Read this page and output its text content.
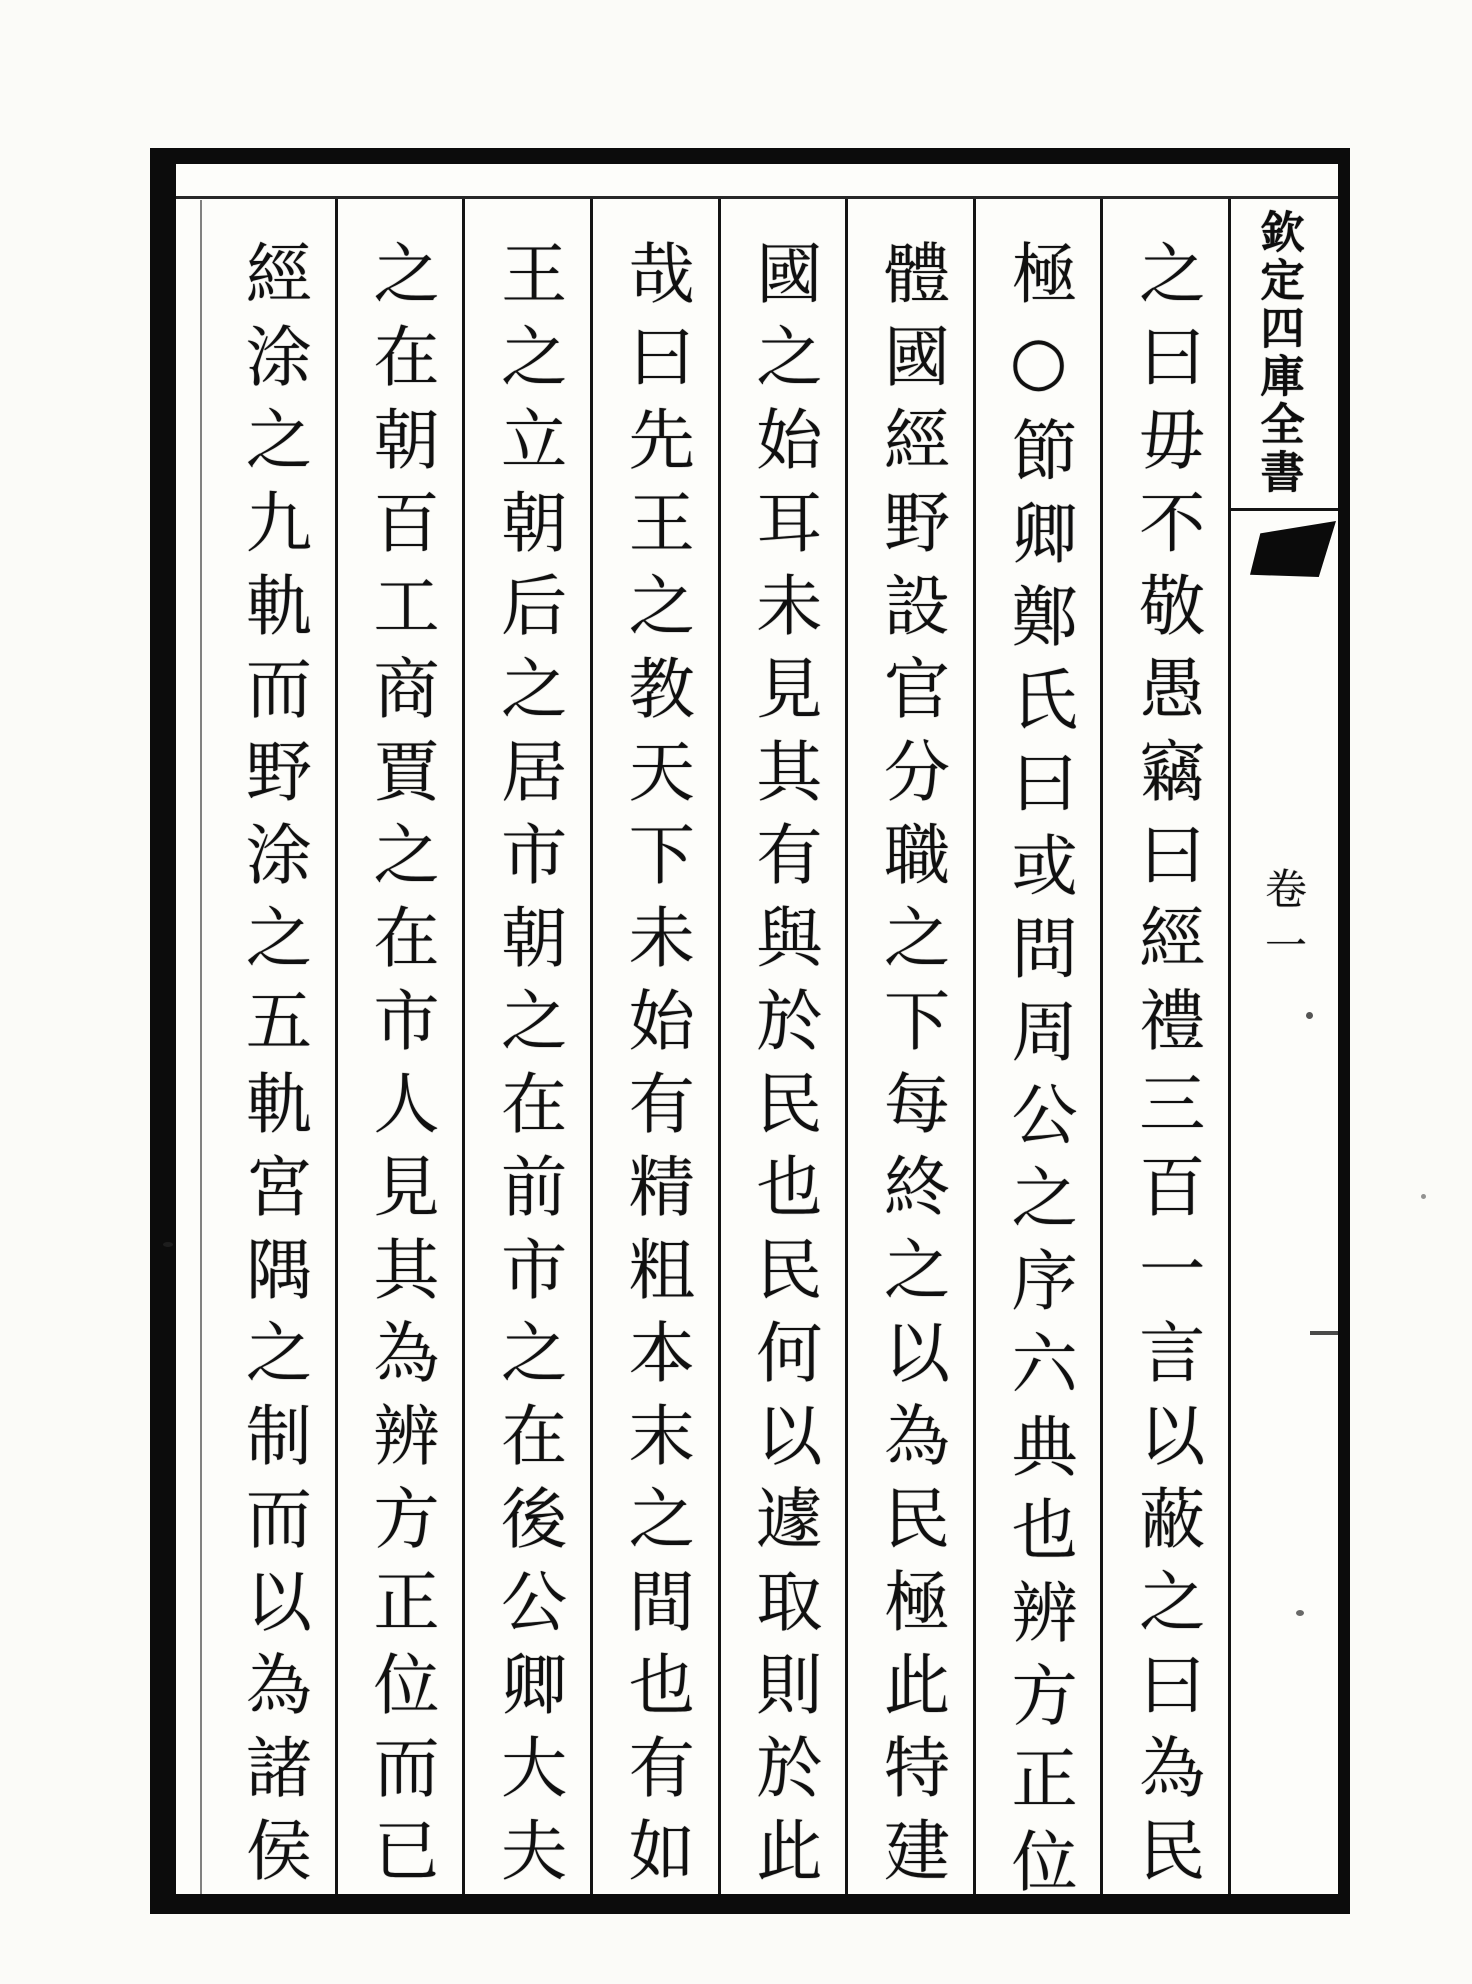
欽定四庫全書
卷一
之曰毋不敬愚竊曰經禮三百一言以蔽之曰為民
極○節卿鄭氏曰或問周公之序六典也辨方正位
體國經野設官分職之下每終之以為民極此特建
國之始耳未見其有與於民也民何以遽取則於此
哉曰先王之教天下未始有精粗本末之間也有如
王之立朝后之居市朝之在前市之在後公卿大夫
之在朝百工商賈之在市人見其為辨方正位而已
經涂之九軌而野涂之五軌宮隅之制而以為諸侯
